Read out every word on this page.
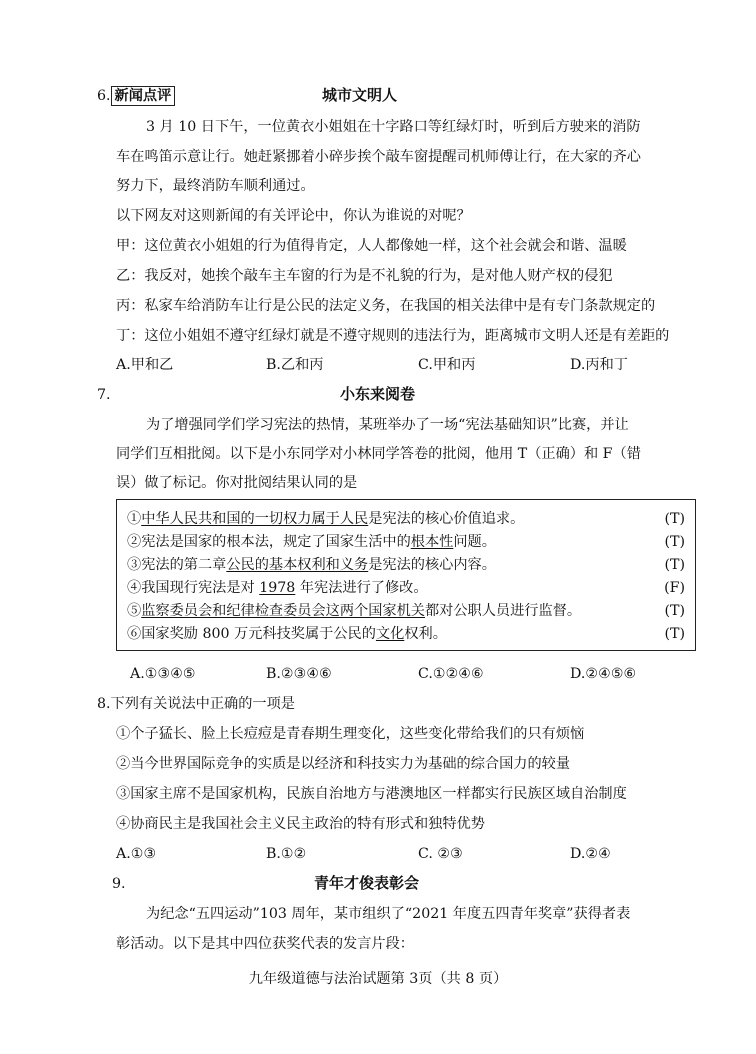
6. 新闻点评	城市文明人
3 月 10 日下午，一位黄衣小姐姐在十字路口等红绿灯时，听到后方驶来的消防
车在鸣笛示意让行。她赶紧挪着小碎步挨个敲车窗提醒司机师傅让行，在大家的齐心
努力下，最终消防车顺利通过。
以下网友对这则新闻的有关评论中，你认为谁说的对呢？
甲：这位黄衣小姐姐的行为值得肯定，人人都像她一样，这个社会就会和谐、温暖
乙：我反对，她挨个敲车主车窗的行为是不礼貌的行为，是对他人财产权的侵犯
丙：私家车给消防车让行是公民的法定义务，在我国的相关法律中是有专门条款规定的
丁：这位小姐姐不遵守红绿灯就是不遵守规则的违法行为，距离城市文明人还是有差距的
A.甲和乙	B.乙和丙	C.甲和丙	D.丙和丁
7.	小东来阅卷
为了增强同学们学习宪法的热情，某班举办了一场“宪法基础知识”比赛，并让
同学们互相批阅。以下是小东同学对小林同学答卷的批阅，他用 T（正确）和 F（错
误）做了标记。你对批阅结果认同的是
①中华人民共和国的一切权力属于人民是宪法的核心价值追求。	(T)
②宪法是国家的根本法，规定了国家生活中的根本性问题。	(T)
③宪法的第二章公民的基本权利和义务是宪法的核心内容。	(T)
④我国现行宪法是对 1978 年宪法进行了修改。	(F)
⑤监察委员会和纪律检查委员会这两个国家机关都对公职人员进行监督。	(T)
⑥国家奖励 800 万元科技奖属于公民的文化权利。	(T)
A.①③④⑤	B.②③④⑥	C.①②④⑥	D.②④⑤⑥
8.下列有关说法中正确的一项是
①个子猛长、脸上长痘痘是青春期生理变化，这些变化带给我们的只有烦恼
②当今世界国际竞争的实质是以经济和科技实力为基础的综合国力的较量
③国家主席不是国家机构，民族自治地方与港澳地区一样都实行民族区域自治制度
④协商民主是我国社会主义民主政治的特有形式和独特优势
A.①③	B.①②	C. ②③	D.②④
9.	青年才俊表彰会
为纪念“五四运动”103 周年，某市组织了“2021 年度五四青年奖章”获得者表
彰活动。以下是其中四位获奖代表的发言片段：
九年级道德与法治试题第 3页（共 8 页）
